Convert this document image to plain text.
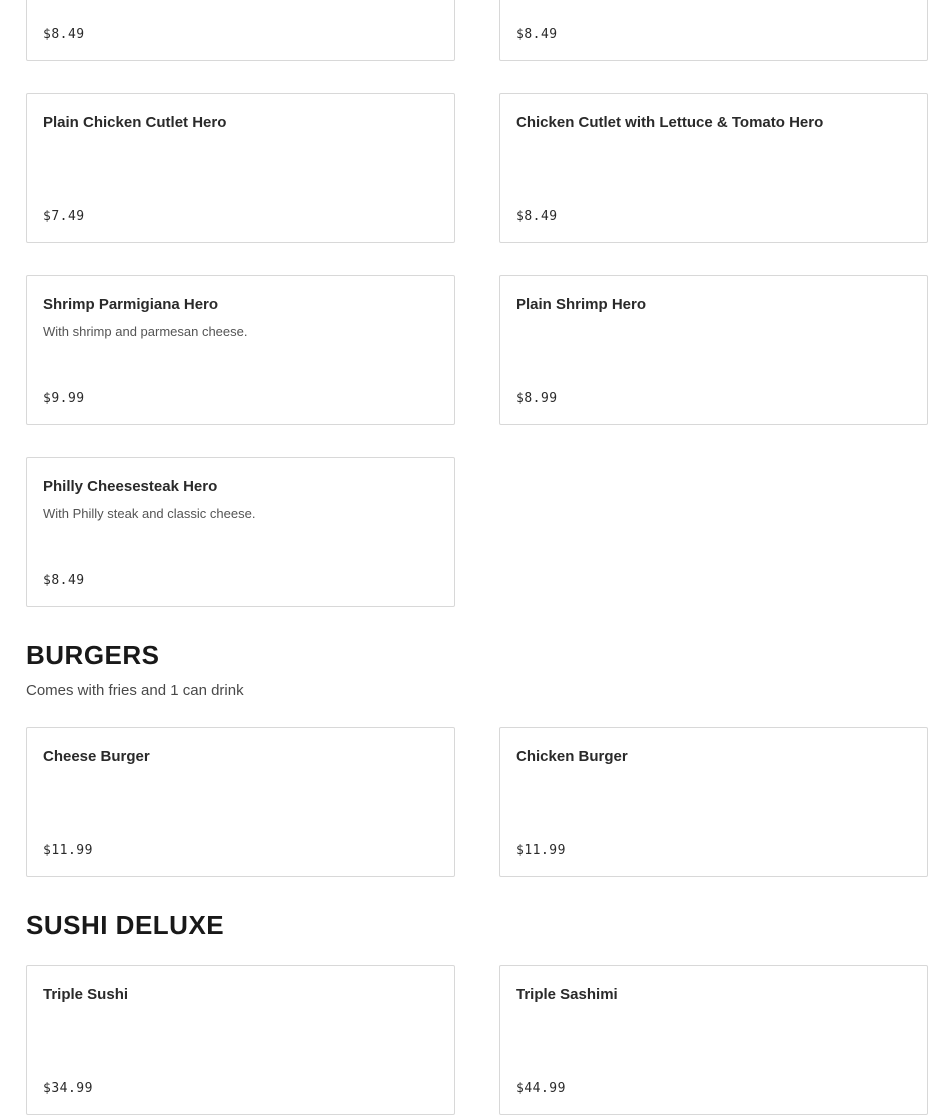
$8.49	$8.49
Plain Chicken Cutlet Hero
$7.49
Chicken Cutlet with Lettuce & Tomato Hero
$8.49
Shrimp Parmigiana Hero
With shrimp and parmesan cheese.
$9.99
Plain Shrimp Hero
$8.99
Philly Cheesesteak Hero
With Philly steak and classic cheese.
$8.49
BURGERS
Comes with fries and 1 can drink
Cheese Burger
$11.99
Chicken Burger
$11.99
SUSHI DELUXE
Triple Sushi
$34.99
Triple Sashimi
$44.99
